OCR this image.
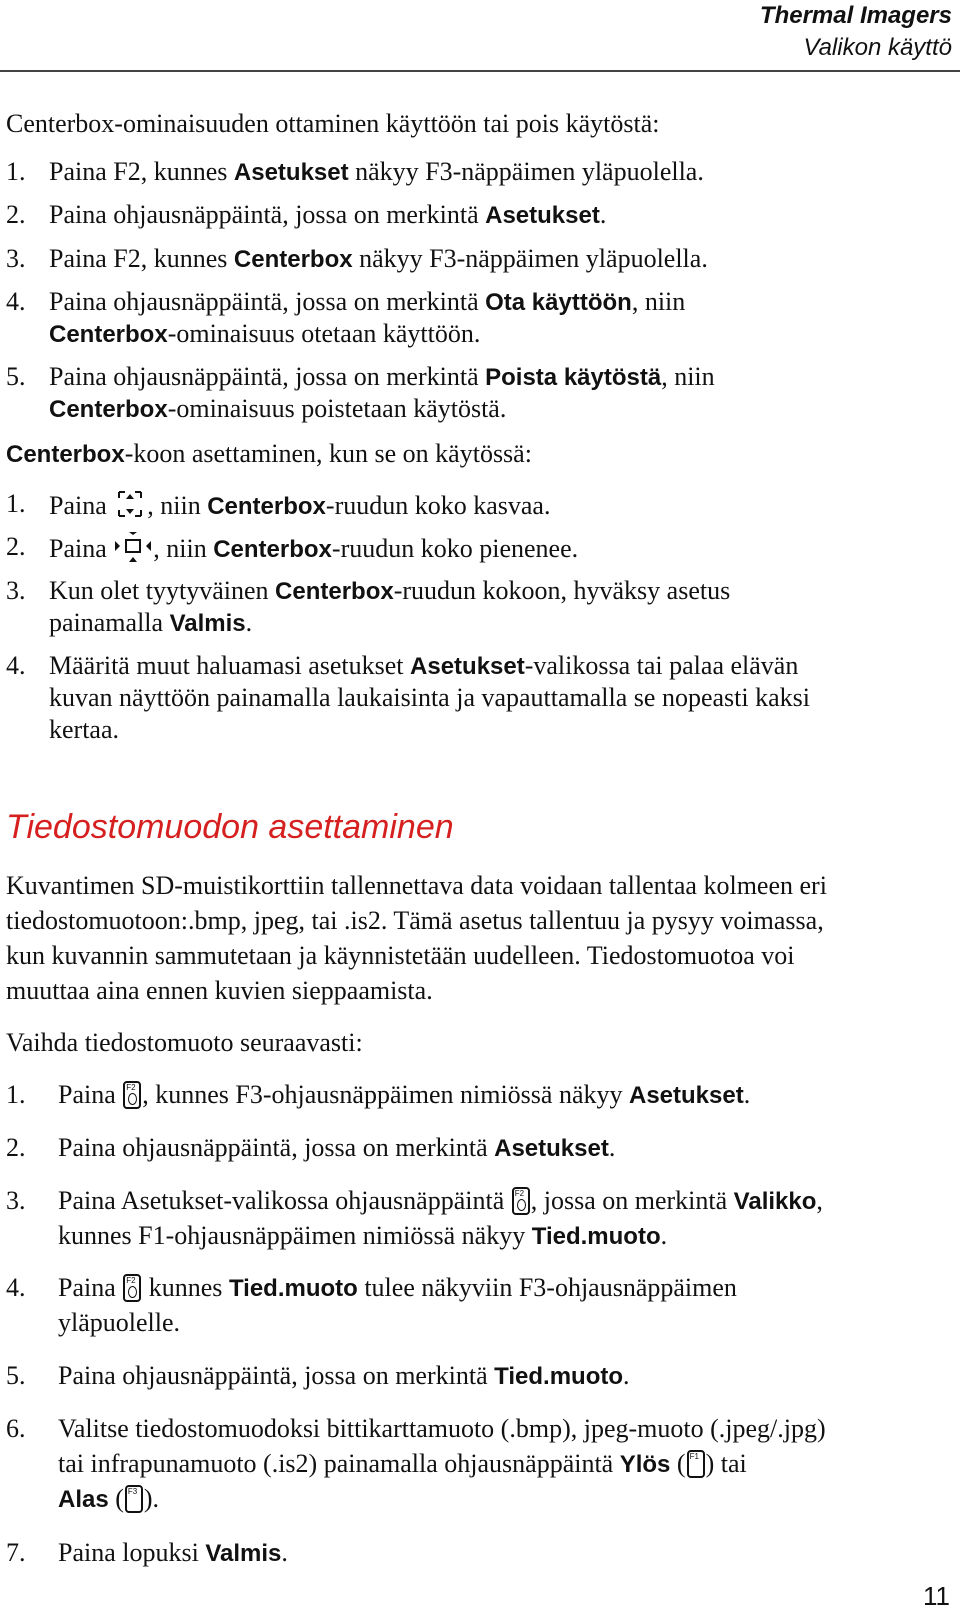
Thermal Imagers
Valikon käyttö
Centerbox-ominaisuuden ottaminen käyttöön tai pois käytöstä:
1. Paina F2, kunnes Asetukset näkyy F3-näppäimen yläpuolella.
2. Paina ohjausnäppäintä, jossa on merkintä Asetukset.
3. Paina F2, kunnes Centerbox näkyy F3-näppäimen yläpuolella.
4. Paina ohjausnäppäintä, jossa on merkintä Ota käyttöön, niin
Centerbox-ominaisuus otetaan käyttöön.
5. Paina ohjausnäppäintä, jossa on merkintä Poista käytöstä, niin
Centerbox-ominaisuus poistetaan käytöstä.
Centerbox-koon asettaminen, kun se on käytössä:
1. Paina , niin Centerbox-ruudun koko kasvaa.
2. Paina , niin Centerbox-ruudun koko pienenee.
3. Kun olet tyytyväinen Centerbox-ruudun kokoon, hyväksy asetus
painamalla Valmis.
4. Määritä muut haluamasi asetukset Asetukset-valikossa tai palaa elävän
kuvan näyttöön painamalla laukaisinta ja vapauttamalla se nopeasti kaksi
kertaa.
Tiedostomuodon asettaminen
Kuvantimen SD-muistikorttiin tallennettava data voidaan tallentaa kolmeen eri
tiedostomuotoon:.bmp, jpeg, tai .is2. Tämä asetus tallentuu ja pysyy voimassa,
kun kuvannin sammutetaan ja käynnistetään uudelleen. Tiedostomuotoa voi
muuttaa aina ennen kuvien sieppaamista.
Vaihda tiedostomuoto seuraavasti:
1. Paina F2 , kunnes F3-ohjausnäppäimen nimiössä näkyy Asetukset.
2. Paina ohjausnäppäintä, jossa on merkintä Asetukset.
3. Paina Asetukset-valikossa ohjausnäppäintä F2 , jossa on merkintä Valikko,
kunnes F1-ohjausnäppäimen nimiössä näkyy Tied.muoto.
4. Paina F2 kunnes Tied.muoto tulee näkyviin F3-ohjausnäppäimen
yläpuolelle.
5. Paina ohjausnäppäintä, jossa on merkintä Tied.muoto.
6. Valitse tiedostomuodoksi bittikarttamuoto (.bmp), jpeg-muoto (.jpeg/.jpg)
tai infrapunamuoto (.is2) painamalla ohjausnäppäintä Ylös ( F1 ) tai
Alas ( F3 ).
7. Paina lopuksi Valmis.
11
